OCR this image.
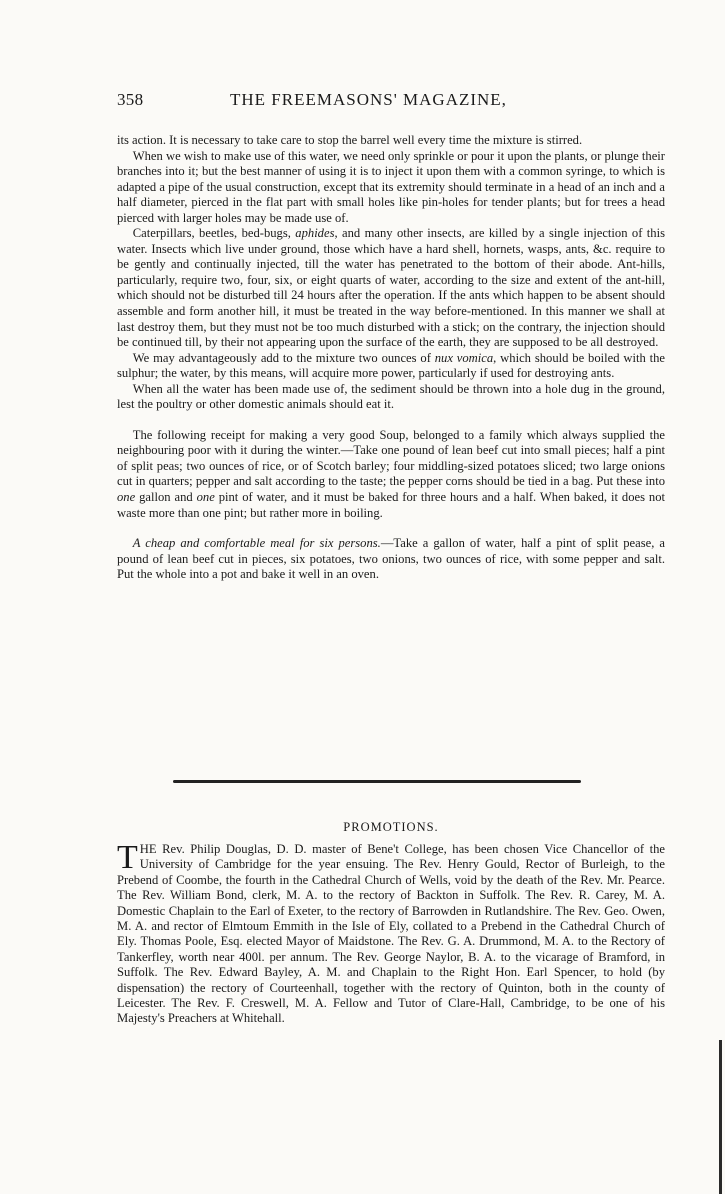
358	THE FREEMASONS' MAGAZINE,

its action. It is necessary to take care to stop the barrel well every time the mixture is stirred.

When we wish to make use of this water, we need only sprinkle or pour it upon the plants, or plunge their branches into it; but the best manner of using it is to inject it upon them with a common syringe, to which is adapted a pipe of the usual construction, except that its extremity should terminate in a head of an inch and a half diameter, pierced in the flat part with small holes like pin-holes for tender plants; but for trees a head pierced with larger holes may be made use of.

Caterpillars, beetles, bed-bugs, aphides, and many other insects, are killed by a single injection of this water. Insects which live under ground, those which have a hard shell, hornets, wasps, ants, &c. require to be gently and continually injected, till the water has penetrated to the bottom of their abode. Ant-hills, particularly, require two, four, six, or eight quarts of water, according to the size and extent of the ant-hill, which should not be disturbed till 24 hours after the operation. If the ants which happen to be absent should assemble and form another hill, it must be treated in the way before-mentioned. In this manner we shall at last destroy them, but they must not be too much disturbed with a stick; on the contrary, the injection should be continued till, by their not appearing upon the surface of the earth, they are supposed to be all destroyed.

We may advantageously add to the mixture two ounces of nux vomica, which should be boiled with the sulphur; the water, by this means, will acquire more power, particularly if used for destroying ants.

When all the water has been made use of, the sediment should be thrown into a hole dug in the ground, lest the poultry or other domestic animals should eat it.

The following receipt for making a very good Soup, belonged to a family which always supplied the neighbouring poor with it during the winter.—Take one pound of lean beef cut into small pieces; half a pint of split peas; two ounces of rice, or of Scotch barley; four middling-sized potatoes sliced; two large onions cut in quarters; pepper and salt according to the taste; the pepper corns should be tied in a bag. Put these into one gallon and one pint of water, and it must be baked for three hours and a half. When baked, it does not waste more than one pint; but rather more in boiling.

A cheap and comfortable meal for six persons.—Take a gallon of water, half a pint of split pease, a pound of lean beef cut in pieces, six potatoes, two onions, two ounces of rice, with some pepper and salt. Put the whole into a pot and bake it well in an oven.

PROMOTIONS.
T HE Rev. Philip Douglas, D. D. master of Bene't College, has been chosen Vice Chancellor of the University of Cambridge for the year ensuing. The Rev. Henry Gould, Rector of Burleigh, to the Prebend of Coombe, the fourth in the Cathedral Church of Wells, void by the death of the Rev. Mr. Pearce. The Rev. William Bond, clerk, M. A. to the rectory of Backton in Suffolk. The Rev. R. Carey, M. A. Domestic Chaplain to the Earl of Exeter, to the rectory of Barrowden in Rutlandshire. The Rev. Geo. Owen, M. A. and rector of Elmtoum Emmith in the Isle of Ely, collated to a Prebend in the Cathedral Church of Ely. Thomas Poole, Esq. elected Mayor of Maidstone. The Rev. G. A. Drummond, M. A. to the Rectory of Tankerfley, worth near 400l. per annum. The Rev. George Naylor, B. A. to the vicarage of Bramford, in Suffolk. The Rev. Edward Bayley, A. M. and Chaplain to the Right Hon. Earl Spencer, to hold (by dispensation) the rectory of Courteenhall, together with the rectory of Quinton, both in the county of Leicester. The Rev. F. Creswell, M. A. Fellow and Tutor of Clare-Hall, Cambridge, to be one of his Majesty's Preachers at Whitehall.
